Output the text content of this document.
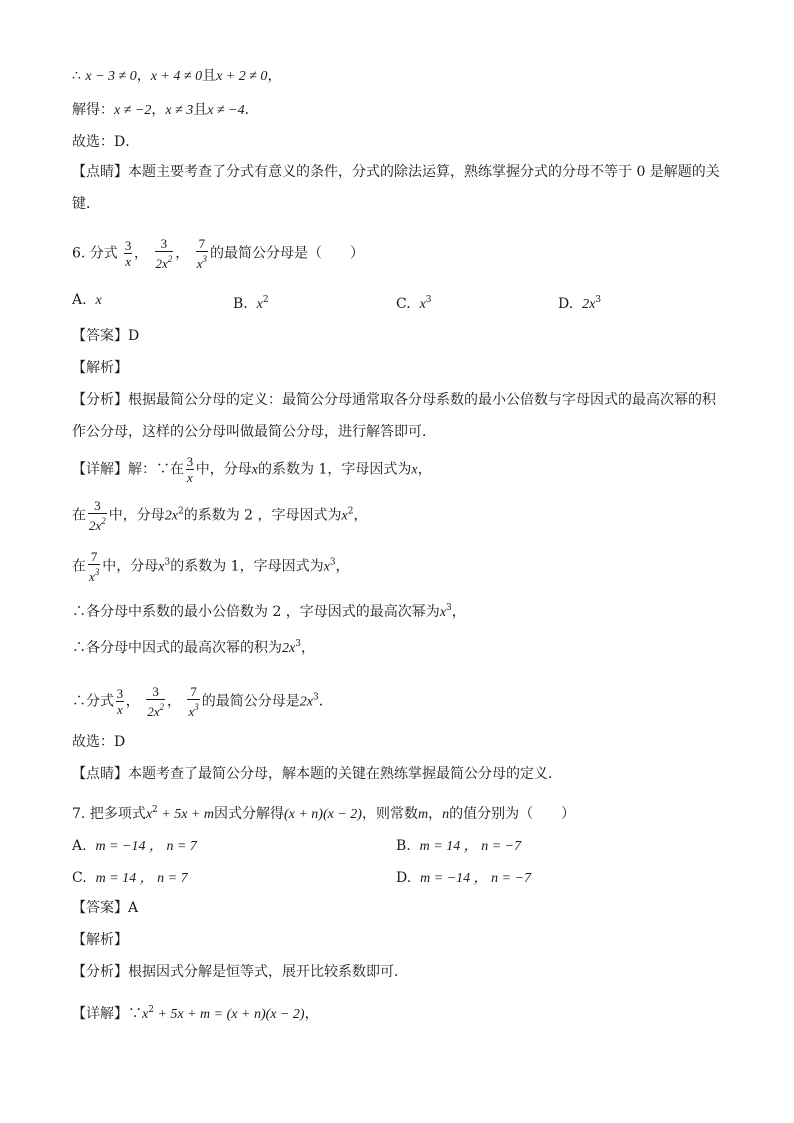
∴ x − 3 ≠ 0，x + 4 ≠ 0且x + 2 ≠ 0，
解得：x ≠ −2，x ≠ 3且x ≠ −4．
故选：D．
【点睛】本题主要考查了分式有意义的条件，分式的除法运算，熟练掌握分式的分母不等于 0 是解题的关
键．
6. 分式 $\frac{3}{x}$ ， $\frac{3}{2x^2}$ ， $\frac{7}{x^3}$ 的最简公分母是（　　）
A. x	B. $x^2$	C. $x^3$	D. $2x^3$
【答案】D
【解析】
【分析】根据最简公分母的定义：最简公分母通常取各分母系数的最小公倍数与字母因式的最高次幂的积
作公分母，这样的公分母叫做最简公分母，进行解答即可．
【详解】解：∵在 $\frac{3}{x}$ 中，分母x的系数为 1，字母因式为x，
在 $\frac{3}{2x^2}$ 中，分母$2x^2$的系数为 2 ，字母因式为$x^2$，
在 $\frac{7}{x^3}$ 中，分母$x^3$的系数为 1，字母因式为$x^3$，
∴各分母中系数的最小公倍数为 2 ，字母因式的最高次幂为$x^3$，
∴各分母中因式的最高次幂的积为$2x^3$，
∴分式 $\frac{3}{x}$ ， $\frac{3}{2x^2}$ ， $\frac{7}{x^3}$ 的最简公分母是$2x^3$．
故选：D
【点睛】本题考查了最简公分母，解本题的关键在熟练掌握最简公分母的定义．
7. 把多项式$x^2 + 5x + m$因式分解得(x + n)(x − 2)，则常数m，n的值分别为（　　）
A. m = −14 ， n = 7	B. m = 14 ， n = −7
C. m = 14 ， n = 7	D. m = −14 ， n = −7
【答案】A
【解析】
【分析】根据因式分解是恒等式，展开比较系数即可．
【详解】$\because x^2 + 5x + m = (x + n)(x - 2)$，
